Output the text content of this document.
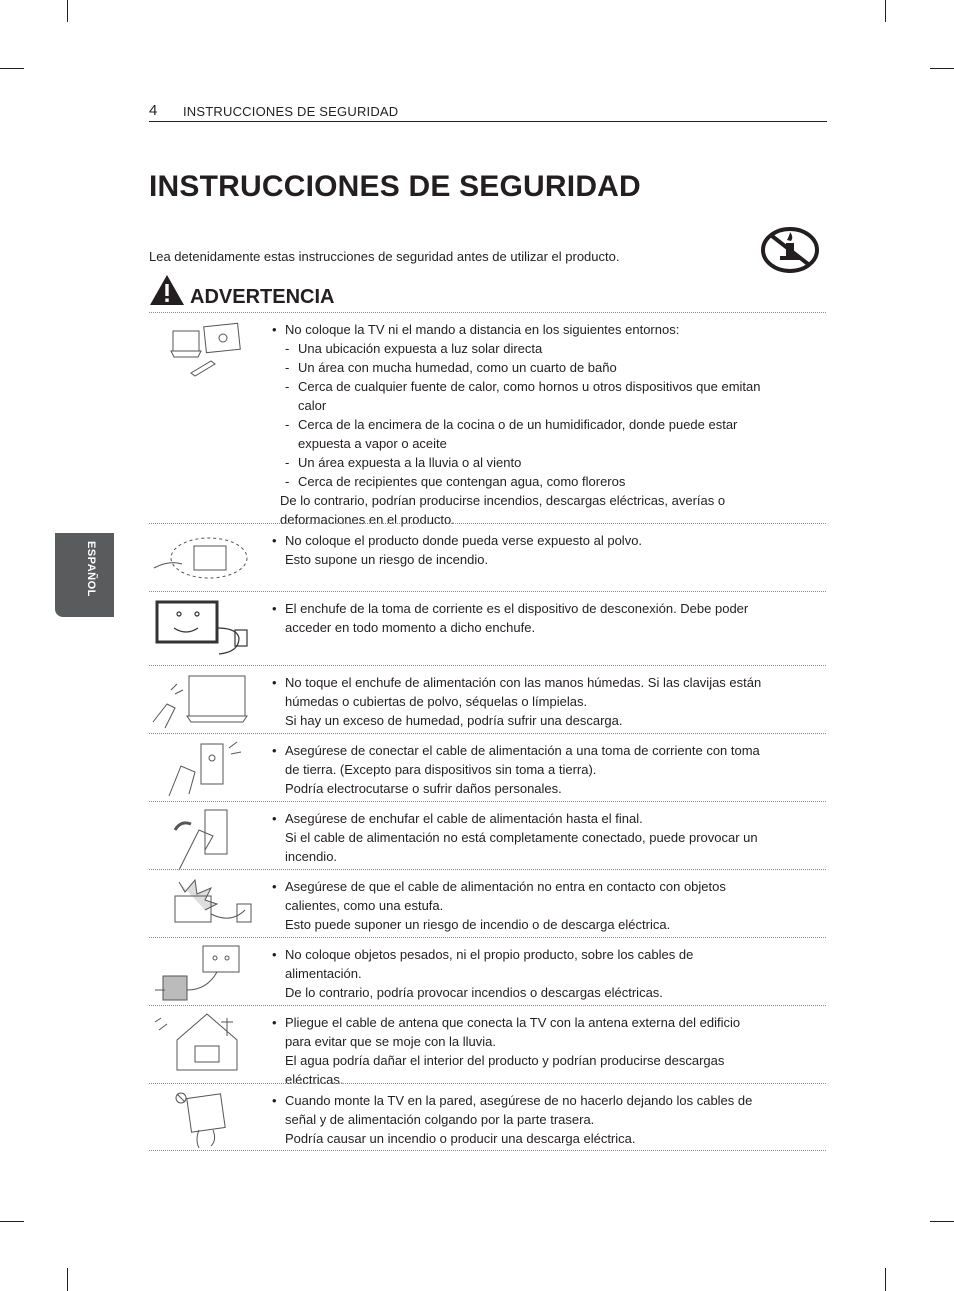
4 INSTRUCCIONES DE SEGURIDAD
INSTRUCCIONES DE SEGURIDAD
Lea detenidamente estas instrucciones de seguridad antes de utilizar el producto.
ADVERTENCIA
ESPAÑOL
• No coloque la TV ni el mando a distancia en los siguientes entornos:
- Una ubicación expuesta a luz solar directa
- Un área con mucha humedad, como un cuarto de baño
- Cerca de cualquier fuente de calor, como hornos u otros dispositivos que emitan
calor
- Cerca de la encimera de la cocina o de un humidificador, donde puede estar
expuesta a vapor o aceite
- Un área expuesta a la lluvia o al viento
- Cerca de recipientes que contengan agua, como floreros
De lo contrario, podrían producirse incendios, descargas eléctricas, averías o
deformaciones en el producto.
• No coloque el producto donde pueda verse expuesto al polvo.
Esto supone un riesgo de incendio.
• El enchufe de la toma de corriente es el dispositivo de desconexión. Debe poder
acceder en todo momento a dicho enchufe.
• No toque el enchufe de alimentación con las manos húmedas. Si las clavijas están
húmedas o cubiertas de polvo, séquelas o límpielas.
Si hay un exceso de humedad, podría sufrir una descarga.
• Asegúrese de conectar el cable de alimentación a una toma de corriente con toma
de tierra. (Excepto para dispositivos sin toma a tierra).
Podría electrocutarse o sufrir daños personales.
• Asegúrese de enchufar el cable de alimentación hasta el final.
Si el cable de alimentación no está completamente conectado, puede provocar un
incendio.
• Asegúrese de que el cable de alimentación no entra en contacto con objetos
calientes, como una estufa.
Esto puede suponer un riesgo de incendio o de descarga eléctrica.
• No coloque objetos pesados, ni el propio producto, sobre los cables de
alimentación.
De lo contrario, podría provocar incendios o descargas eléctricas.
• Pliegue el cable de antena que conecta la TV con la antena externa del edificio
para evitar que se moje con la lluvia.
El agua podría dañar el interior del producto y podrían producirse descargas
eléctricas.
• Cuando monte la TV en la pared, asegúrese de no hacerlo dejando los cables de
señal y de alimentación colgando por la parte trasera.
Podría causar un incendio o producir una descarga eléctrica.
